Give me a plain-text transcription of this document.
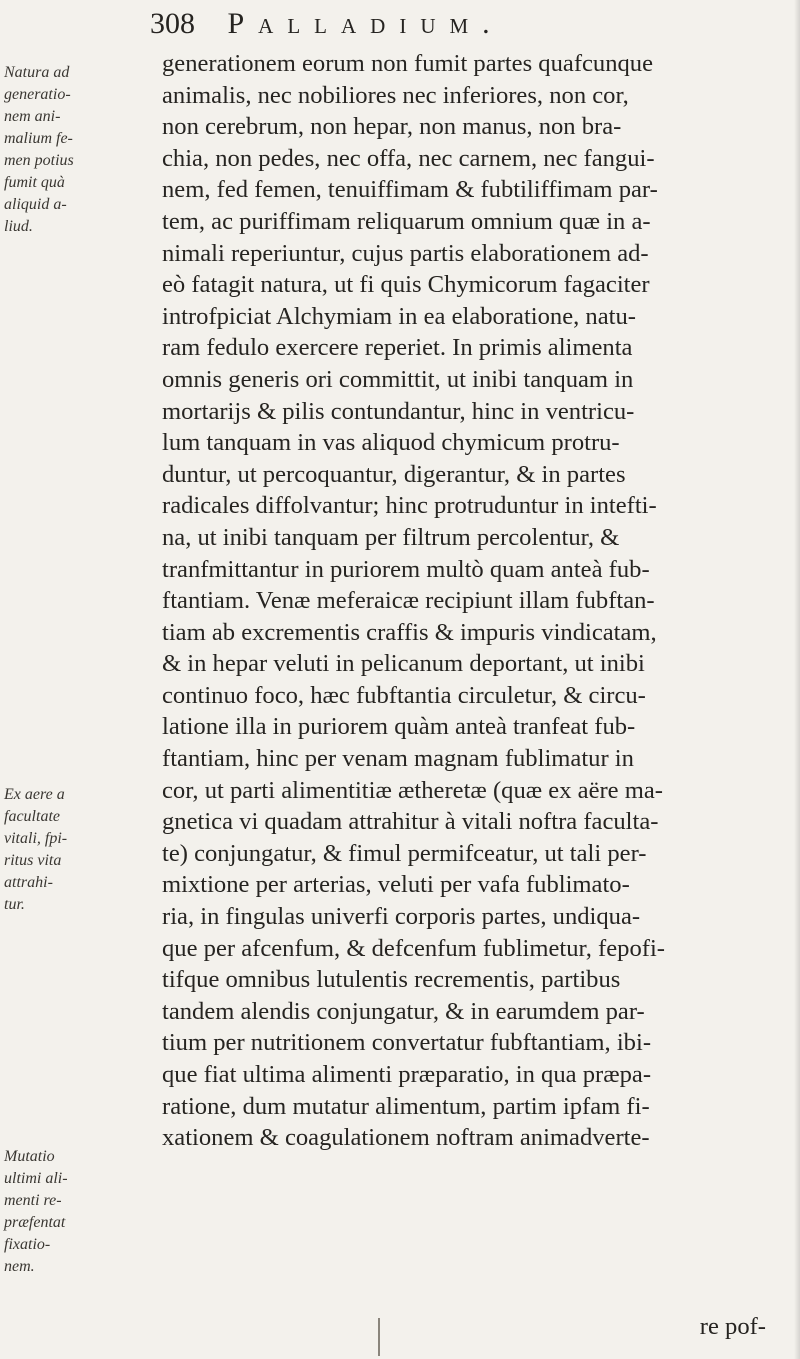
308 Palladium.
Natura ad
generatio-
nem ani-
malium fe-
men potius
fumit quà
aliquid a-
liud.
Ex aere a
facultate
vitali, fpi-
ritus vita
attrahi-
tur.
Mutatio
ultimi ali-
menti re-
præfentat
fixatio-
nem.
generationem eorum non fumit partes quafcunque
animalis, nec nobiliores nec inferiores, non cor,
non cerebrum, non hepar, non manus, non bra-
chia, non pedes, nec offa, nec carnem, nec fangui-
nem, fed femen, tenuiffimam & fubtiliffimam par-
tem, ac puriffimam reliquarum omnium quæ in a-
nimali reperiuntur, cujus partis elaborationem ad-
eò fatagit natura, ut fi quis Chymicorum fagaciter
introfpiciat Alchymiam in ea elaboratione, natu-
ram fedulo exercere reperiet. In primis alimenta
omnis generis ori committit, ut inibi tanquam in
mortarijs & pilis contundantur, hinc in ventricu-
lum tanquam in vas aliquod chymicum protru-
duntur, ut percoquantur, digerantur, & in partes
radicales diffolvantur; hinc protruduntur in intefti-
na, ut inibi tanquam per filtrum percolentur, &
tranfmittantur in puriorem multò quam anteà fub-
ftantiam. Venæ meferaicæ recipiunt illam fubftan-
tiam ab excrementis craffis & impuris vindicatam,
& in hepar veluti in pelicanum deportant, ut inibi
continuo foco, hæc fubftantia circuletur, & circu-
latione illa in puriorem quàm anteà tranfeat fub-
ftantiam, hinc per venam magnam fublimatur in
cor, ut parti alimentitiæ ætheretæ (quæ ex aëre ma-
gnetica vi quadam attrahitur à vitali noftra faculta-
te) conjungatur, & fimul permifceatur, ut tali per-
mixtione per arterias, veluti per vafa fublimato-
ria, in fingulas univerfi corporis partes, undiqua-
que per afcenfum, & defcenfum fublimetur, fepofi-
tifque omnibus lutulentis recrementis, partibus
tandem alendis conjungatur, & in earumdem par-
tium per nutritionem convertatur fubftantiam, ibi-
que fiat ultima alimenti præparatio, in qua præpa-
ratione, dum mutatur alimentum, partim ipfam fi-
xationem & coagulationem noftram animadverte-
re pof-
